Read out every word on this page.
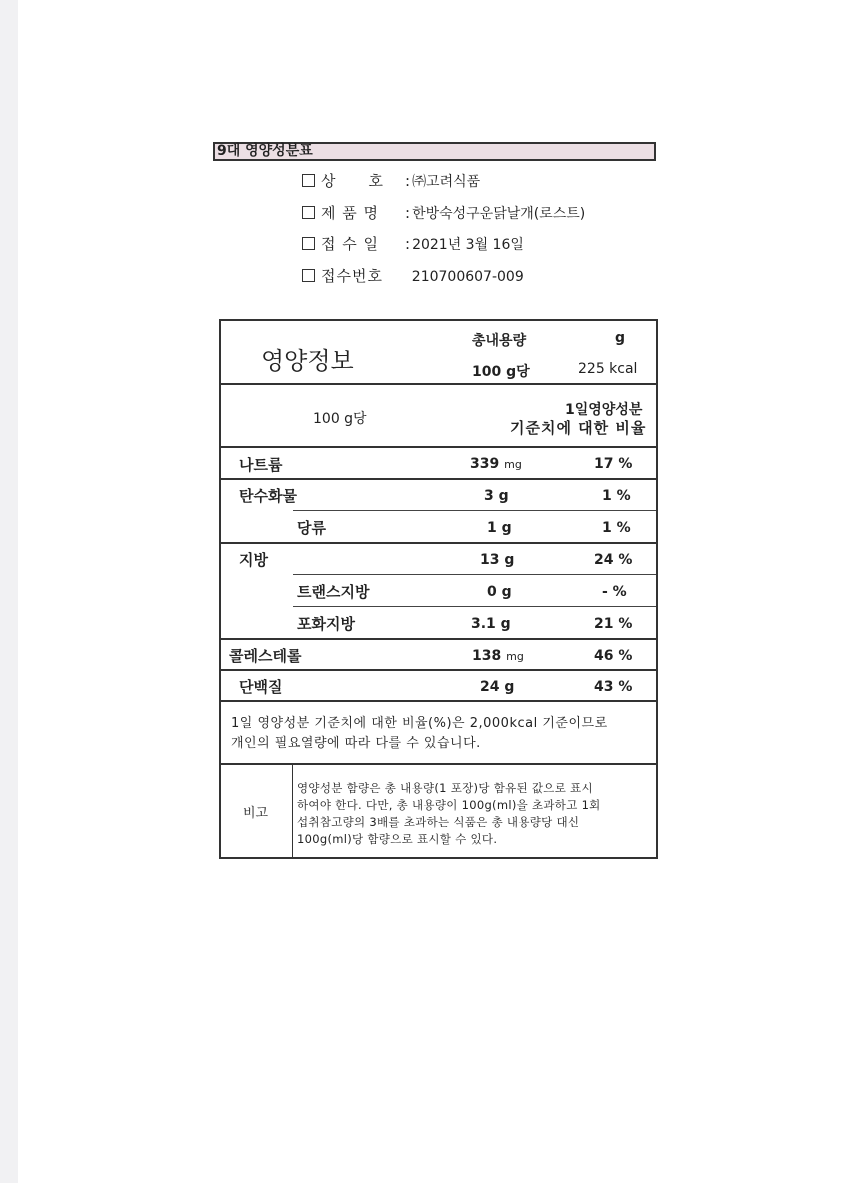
9대 영양성분표
상　　호 : ㈜고려식품
제 품 명 : 한방숙성구운닭날개(로스트)
접 수 일 : 2021년 3월 16일
접수번호 210700607-009
영양정보
총내용량	g
100 g당	225 kcal
100 g당
1일영양성분
기준치에 대한 비율
나트륨	339 mg	17 %
탄수화물	3 g	1 %
당류	1 g	1 %
지방	13 g	24 %
트랜스지방	0 g	- %
포화지방	3.1 g	21 %
콜레스테롤	138 mg	46 %
단백질	24 g	43 %
1일 영양성분 기준치에 대한 비율(%)은 2,000kcal 기준이므로
개인의 필요열량에 따라 다를 수 있습니다.
비고
영양성분 함량은 총 내용량(1 포장)당 함유된 값으로 표시
하여야 한다. 다만, 총 내용량이 100g(ml)을 초과하고 1회
섭취참고량의 3배를 초과하는 식품은 총 내용량당 대신
100g(ml)당 함량으로 표시할 수 있다.
